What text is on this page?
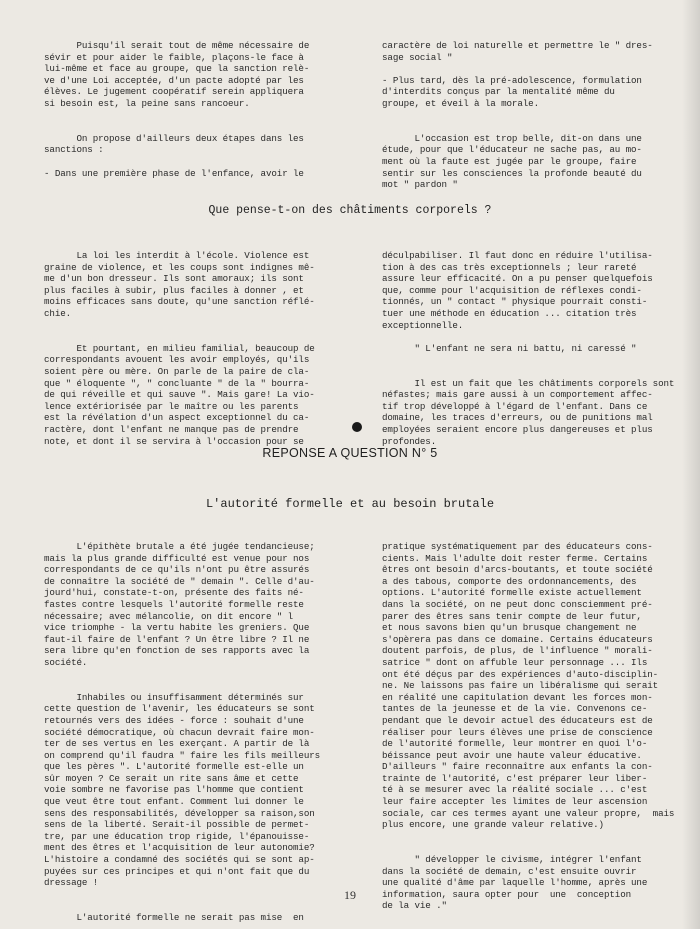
Puisqu'il serait tout de même nécessaire de
sévir et pour aider le faible, plaçons-le face à
lui-même et face au groupe, que la sanction relè-
ve d'une Loi acceptée, d'un pacte adopté par les
élèves. Le jugement coopératif serein appliquera
si besoin est, la peine sans rancoeur.

On propose d'ailleurs deux étapes dans les
sanctions :

- Dans une première phase de l'enfance, avoir le
caractère de loi naturelle et permettre le " dres-
sage social "

- Plus tard, dès la pré-adolescence, formulation
d'interdits conçus par la mentalité même du
groupe, et éveil à la morale.

L'occasion est trop belle, dit-on dans une
étude, pour que l'éducateur ne sache pas, au mo-
ment où la faute est jugée par le groupe, faire
sentir sur les consciences la profonde beauté du
mot " pardon "
Que pense-t-on des châtiments corporels ?
La loi les interdit à l'école. Violence est
graine de violence, et les coups sont indignes mê-
me d'un bon dresseur. Ils sont amoraux; ils sont
plus faciles à subir, plus faciles à donner , et
moins efficaces sans doute, qu'une sanction réflé-
chie.

Et pourtant, en milieu familial, beaucoup de
correspondants avouent les avoir employés, qu'ils
soient père ou mère. On parle de la paire de cla-
que " éloquente ", " concluante " de la " bourra-
de qui réveille et qui sauve ". Mais gare! La vio-
lence extériorisée par le maître ou les parents
est la révélation d'un aspect exceptionnel du ca-
ractère, dont l'enfant ne manque pas de prendre
note, et dont il se servira à l'occasion pour se
déculpabiliser. Il faut donc en réduire l'utilisa-
tion à des cas très exceptionnels ; leur rareté
assure leur efficacité. On a pu penser quelquefois
que, comme pour l'acquisition de réflexes condi-
tionnés, un " contact " physique pourrait consti-
tuer une méthode en éducation ... citation très
exceptionnelle.

" L'enfant ne sera ni battu, ni caressé "

Il est un fait que les châtiments corporels sont
néfastes; mais gare aussi à un comportement affec-
tif trop développé à l'égard de l'enfant. Dans ce
domaine, les traces d'erreurs, ou de punitions mal
employées seraient encore plus dangereuses et plus
profondes.
REPONSE A QUESTION N° 5
L'autorité formelle et au besoin brutale
L'épithète brutale a été jugée tendancieuse;
mais la plus grande difficulté est venue pour nos
correspondants de ce qu'ils n'ont pu être assurés
de connaître la société de " demain ". Celle d'au-
jourd'hui, constate-t-on, présente des faits né-
fastes contre lesquels l'autorité formelle reste
nécessaire; avec mélancolie, on dit encore " l
vice triomphe - la vertu habite les greniers. Que
faut-il faire de l'enfant ? Un être libre ? Il ne
sera libre qu'en fonction de ses rapports avec la
société.

Inhabiles ou insuffisamment déterminés sur
cette question de l'avenir, les éducateurs se sont
retournés vers des idées - force : souhait d'une
société démocratique, où chacun devrait faire mon-
ter de ses vertus en les exerçant. A partir de là
on comprend qu'il faudra " faire les fils meilleurs
que les pères ". L'autorité formelle est-elle un
sûr moyen ? Ce serait un rite sans âme et cette
voie sombre ne favorise pas l'homme que contient
que veut être tout enfant. Comment lui donner le
sens des responsabilités, développer sa raison,son
sens de la liberté. Serait-il possible de permet-
tre, par une éducation trop rigide, l'épanouisse-
ment des êtres et l'acquisition de leur autonomie?
L'histoire a condamné des sociétés qui se sont ap-
puyées sur ces principes et qui n'ont fait que du
dressage !

L'autorité formelle ne serait pas mise  en
pratique systématiquement par des éducateurs cons-
cients. Mais l'adulte doit rester ferme. Certains
êtres ont besoin d'arcs-boutants, et toute société
a des tabous, comporte des ordonnancements, des
options. L'autorité formelle existe actuellement
dans la société, on ne peut donc consciemment pré-
parer des êtres sans tenir compte de leur futur,
et nous savons bien qu'un brusque changement ne
s'opèrera pas dans ce domaine. Certains éducateurs
doutent parfois, de plus, de l'influence " morali-
satrice " dont on affuble leur personnage ... Ils
ont été déçus par des expériences d'auto-disciplin-
ne. Ne laissons pas faire un libéralisme qui serait
en réalité une capitulation devant les forces mon-
tantes de la jeunesse et de la vie. Convenons ce-
pendant que le devoir actuel des éducateurs est de
réaliser pour leurs élèves une prise de conscience
de l'autorité formelle, leur montrer en quoi l'o-
béissance peut avoir une haute valeur éducative.
D'ailleurs " faire reconnaître aux enfants la con-
trainte de l'autorité, c'est préparer leur liber-
té à se mesurer avec la réalité sociale ... c'est
leur faire accepter les limites de leur ascension
sociale, car ces termes ayant une valeur propre,  mais
plus encore, une grande valeur relative.)

" développer le civisme, intégrer l'enfant
dans la société de demain, c'est ensuite ouvrir
une qualité d'âme par laquelle l'homme, après une
information, saura opter pour  une  conception
de la vie ."
19
